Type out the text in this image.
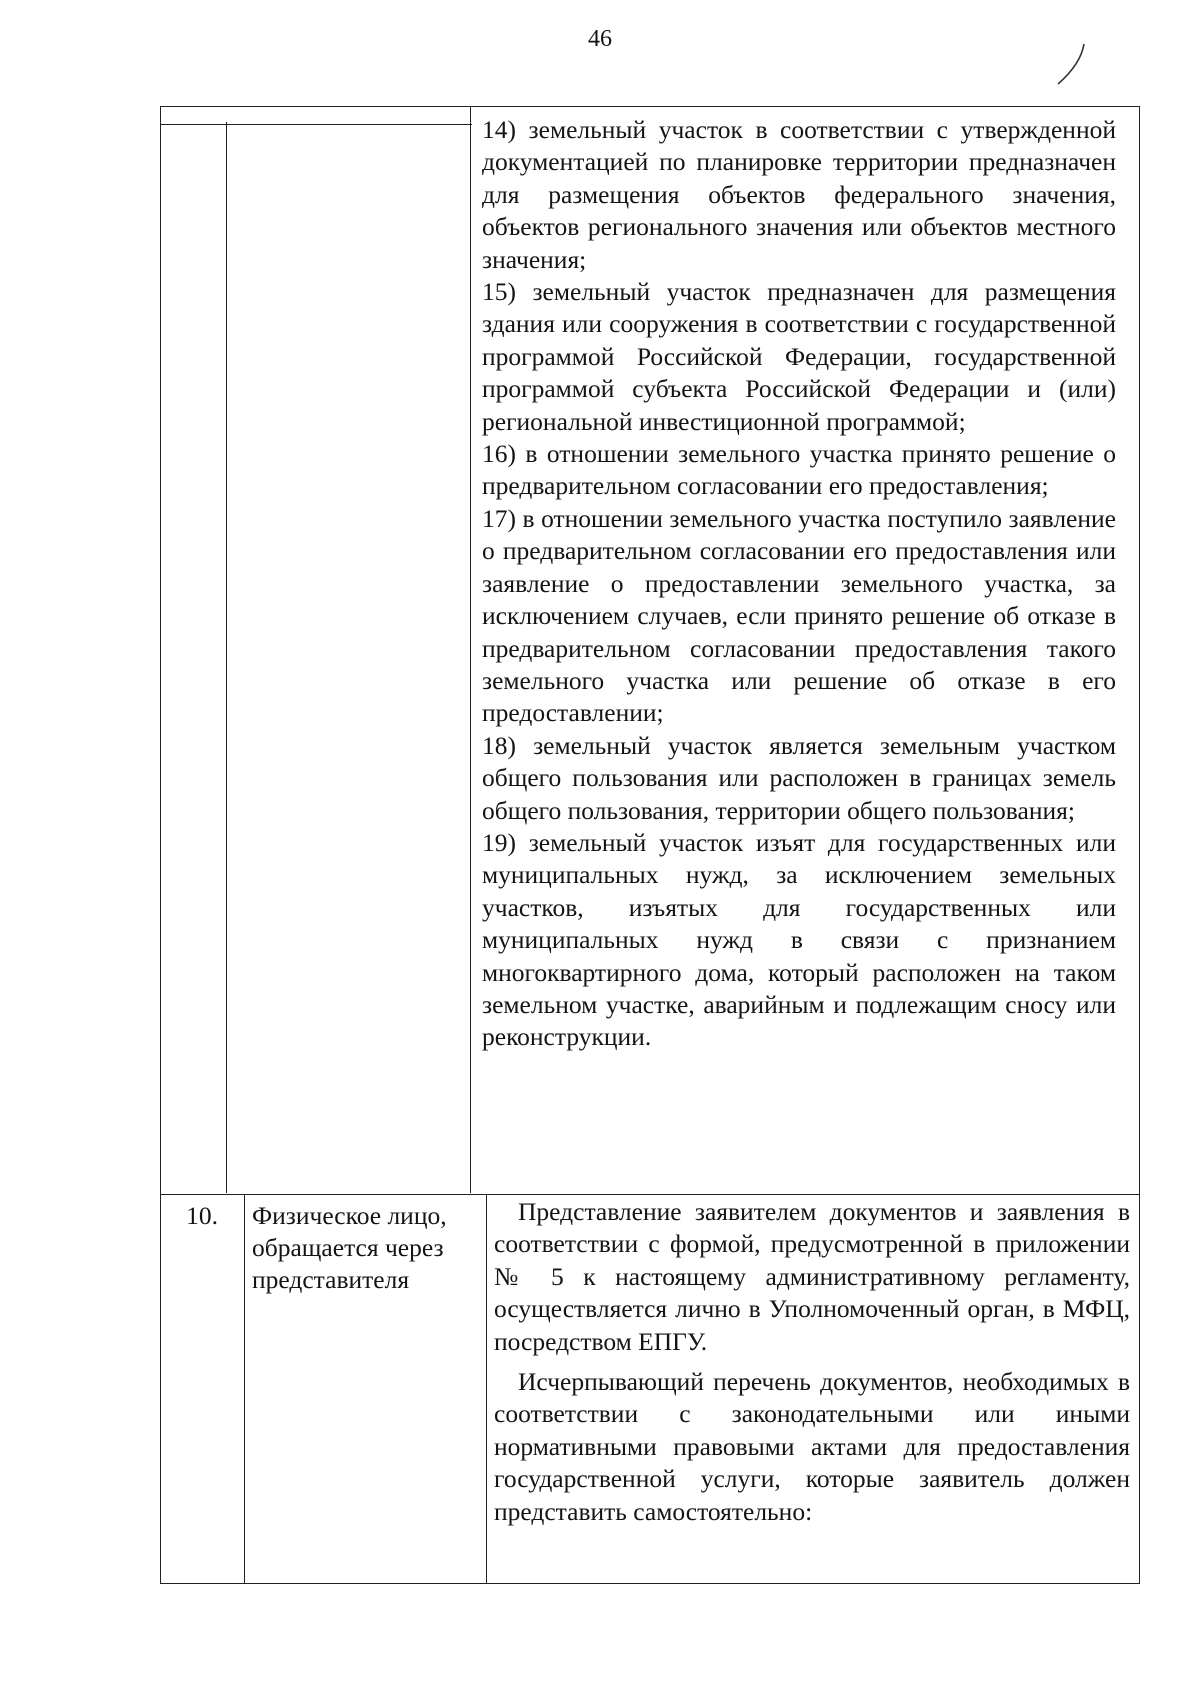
46
14) земельный участок в соответствии с утвержденной документацией по планировке территории предназначен для размещения объектов федерального значения, объектов регионального значения или объектов местного значения;
15) земельный участок предназначен для размещения здания или сооружения в соответствии с государственной программой Российской Федерации, государственной программой субъекта Российской Федерации и (или) региональной инвестиционной программой;
16) в отношении земельного участка принято решение о предварительном согласовании его предоставления;
17) в отношении земельного участка поступило заявление о предварительном согласовании его предоставления или заявление о предоставлении земельного участка, за исключением случаев, если принято решение об отказе в предварительном согласовании предоставления такого земельного участка или решение об отказе в его предоставлении;
18) земельный участок является земельным участком общего пользования или расположен в границах земель общего пользования, территории общего пользования;
19) земельный участок изъят для государственных или муниципальных нужд, за исключением земельных участков, изъятых для государственных или муниципальных нужд в связи с признанием многоквартирного дома, который расположен на таком земельном участке, аварийным и подлежащим сносу или реконструкции.
10.	Физическое лицо, обращается через представителя
Представление заявителем документов и заявления в соответствии с формой, предусмотренной в приложении № 5 к настоящему административному регламенту, осуществляется лично в Уполномоченный орган, в МФЦ, посредством ЕПГУ.
Исчерпывающий перечень документов, необходимых в соответствии с законодательными или иными нормативными правовыми актами для предоставления государственной услуги, которые заявитель должен представить самостоятельно:
